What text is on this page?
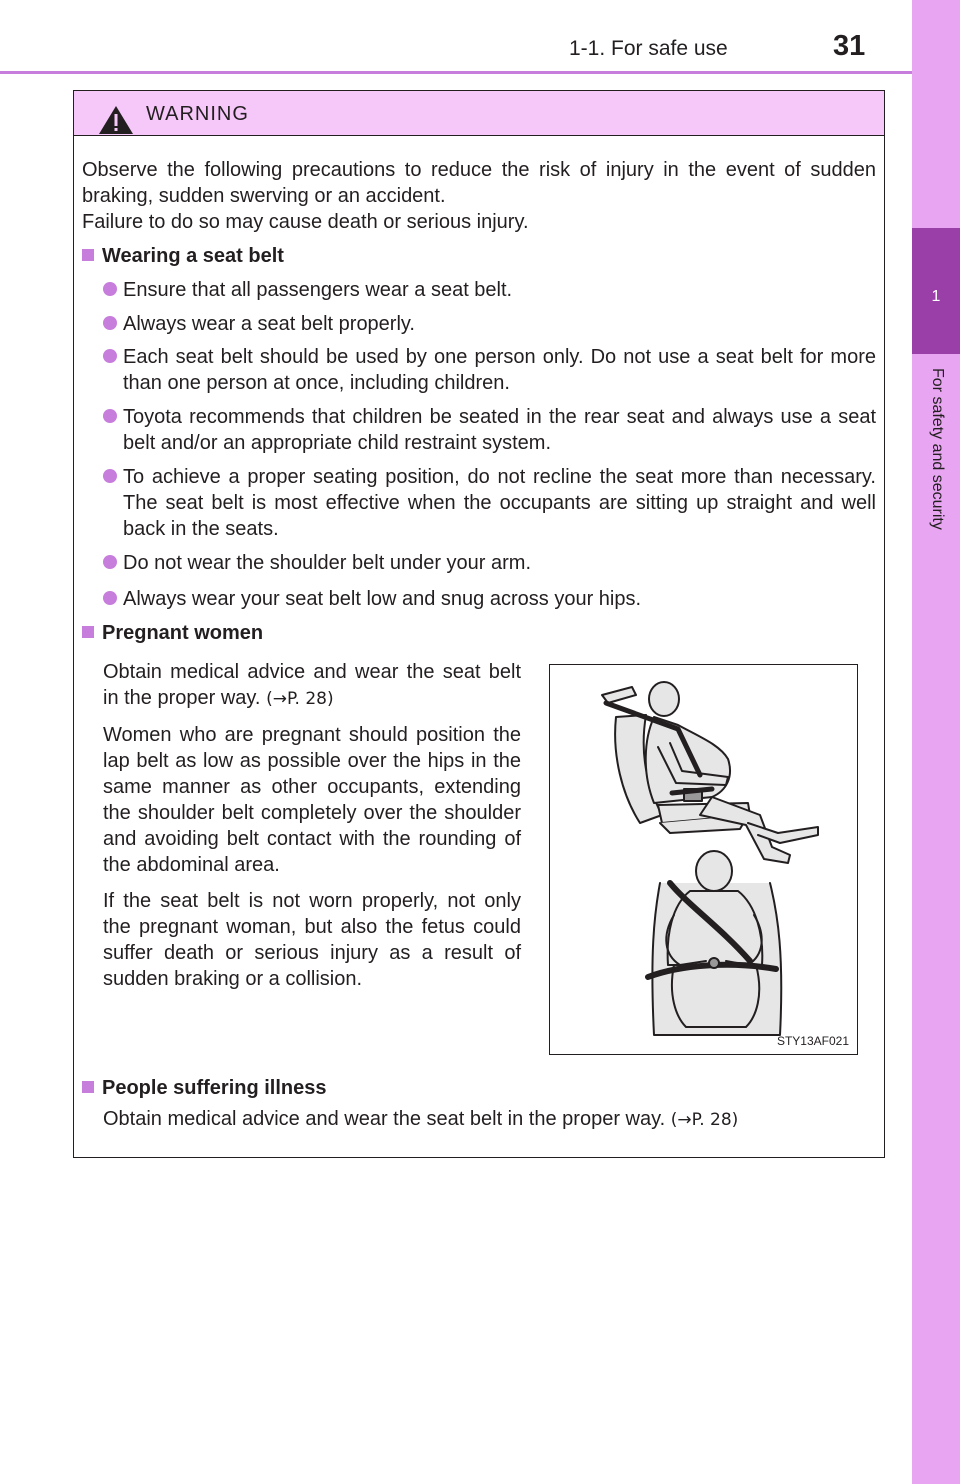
1-1. For safe use	31
1
For safety and security
WARNING

Observe the following precautions to reduce the risk of injury in the event of sudden braking, sudden swerving or an accident.

Failure to do so may cause death or serious injury.

Wearing a seat belt
Ensure that all passengers wear a seat belt.
Always wear a seat belt properly.
Each seat belt should be used by one person only. Do not use a seat belt for more than one person at once, including children.
Toyota recommends that children be seated in the rear seat and always use a seat belt and/or an appropriate child restraint system.
To achieve a proper seating position, do not recline the seat more than necessary. The seat belt is most effective when the occupants are sitting up straight and well back in the seats.
Do not wear the shoulder belt under your arm.
Always wear your seat belt low and snug across your hips.
Pregnant women

Obtain medical advice and wear the seat belt in the proper way. (→P. 28)

Women who are pregnant should position the lap belt as low as possible over the hips in the same manner as other occupants, extending the shoulder belt completely over the shoulder and avoiding belt contact with the rounding of the abdominal area.

If the seat belt is not worn properly, not only the pregnant woman, but also the fetus could suffer death or serious injury as a result of sudden braking or a collision.

STY13AF021
People suffering illness
Obtain medical advice and wear the seat belt in the proper way. (→P. 28)
